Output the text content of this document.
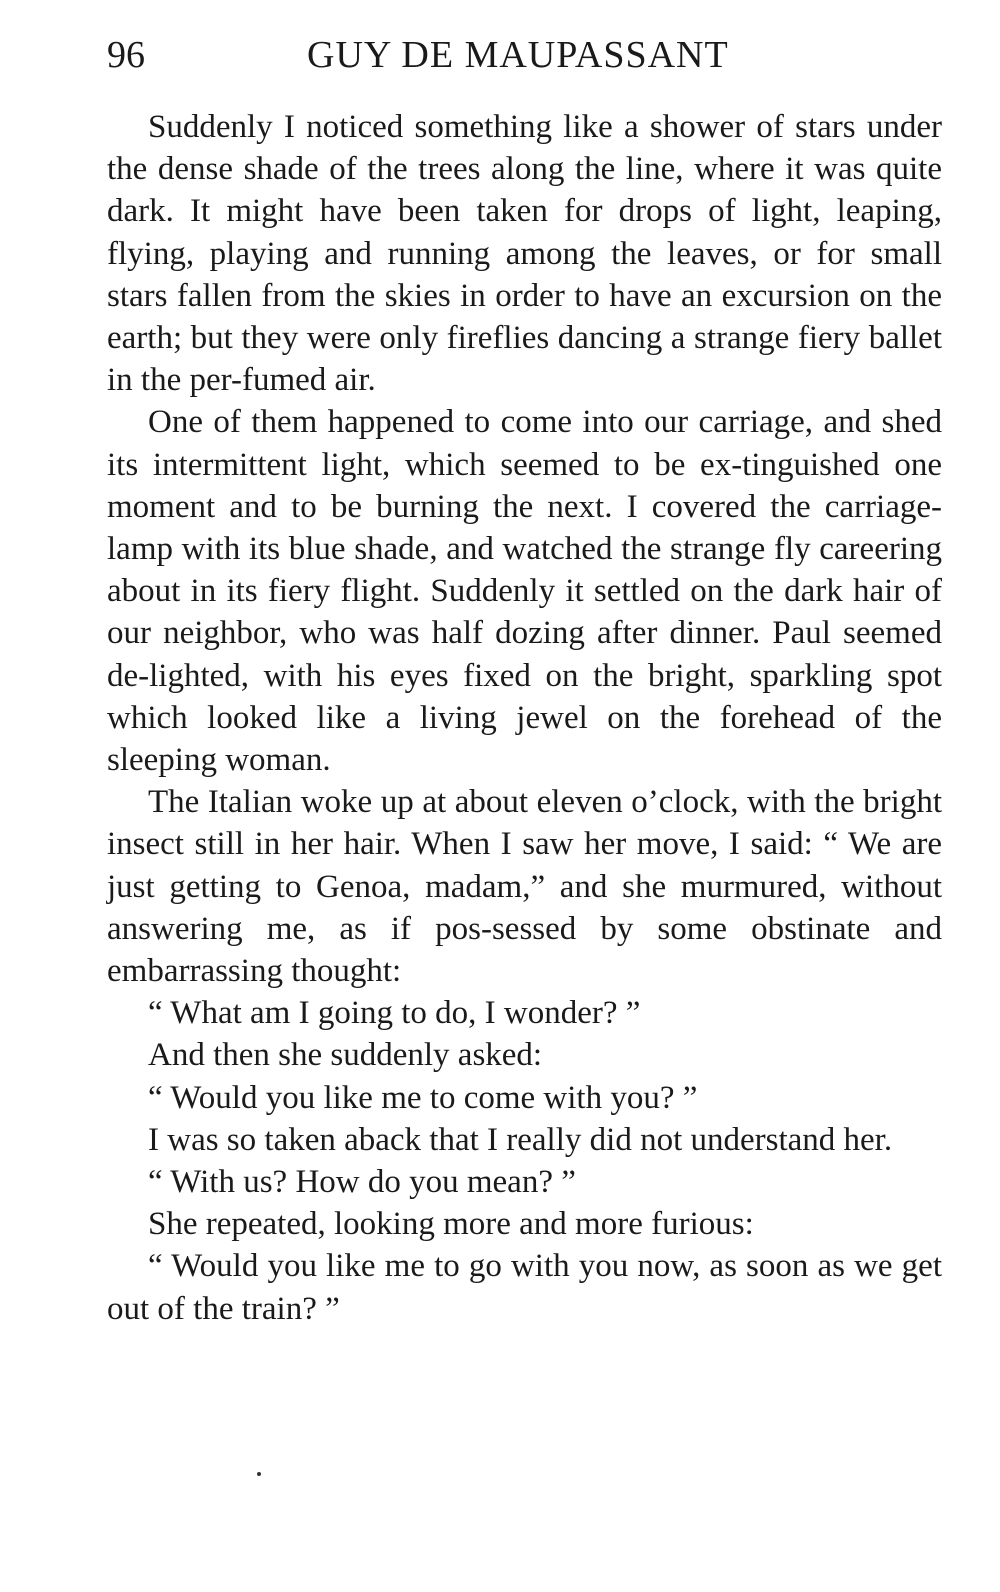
96	GUY DE MAUPASSANT

Suddenly I noticed something like a shower of stars under the dense shade of the trees along the line, where it was quite dark. It might have been taken for drops of light, leaping, flying, playing and running among the leaves, or for small stars fallen from the skies in order to have an excursion on the earth; but they were only fireflies dancing a strange fiery ballet in the per-fumed air.

One of them happened to come into our carriage, and shed its intermittent light, which seemed to be ex-tinguished one moment and to be burning the next. I covered the carriage-lamp with its blue shade, and watched the strange fly careering about in its fiery flight. Suddenly it settled on the dark hair of our neighbor, who was half dozing after dinner. Paul seemed de-lighted, with his eyes fixed on the bright, sparkling spot which looked like a living jewel on the forehead of the sleeping woman.

The Italian woke up at about eleven o’clock, with the bright insect still in her hair. When I saw her move, I said: “ We are just getting to Genoa, madam,” and she murmured, without answering me, as if pos-sessed by some obstinate and embarrassing thought:

“ What am I going to do, I wonder? ”

And then she suddenly asked:

“ Would you like me to come with you? ”

I was so taken aback that I really did not understand her.

“ With us? How do you mean? ”

She repeated, looking more and more furious:

“ Would you like me to go with you now, as soon as we get out of the train? ”
